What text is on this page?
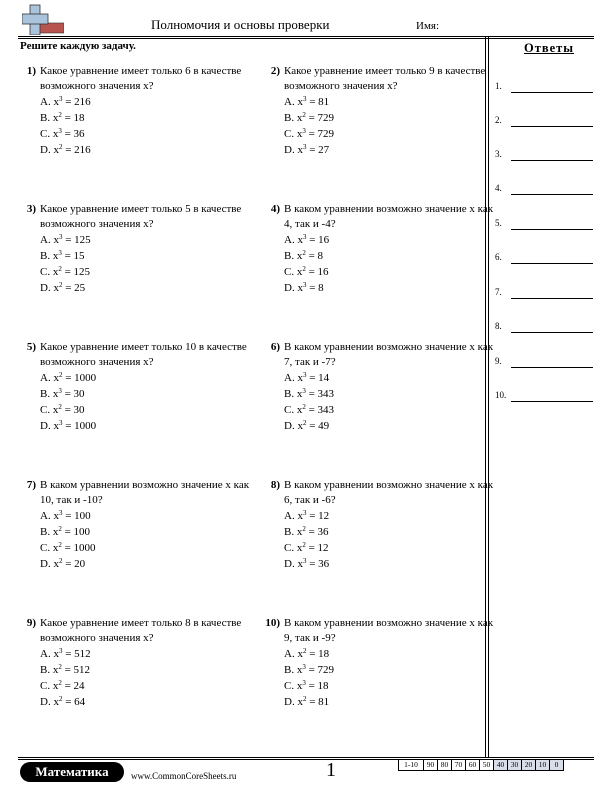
Полномочия и основы проверки	Имя:
Решите каждую задачу.	Ответы
1.
2.
3.
4.
5.
6.
7.
8.
9.
10.
1) Какое уравнение имеет только 6 в качестве возможного значения x?
A. $x^3 = 216$
B. $x^2 = 18$
C. $x^3 = 36$
D. $x^2 = 216$
2) Какое уравнение имеет только 9 в качестве возможного значения x?
A. $x^3 = 81$
B. $x^2 = 729$
C. $x^3 = 729$
D. $x^3 = 27$
3) Какое уравнение имеет только 5 в качестве возможного значения x?
A. $x^3 = 125$
B. $x^3 = 15$
C. $x^2 = 125$
D. $x^2 = 25$
4) В каком уравнении возможно значение x как 4, так и -4?
A. $x^3 = 16$
B. $x^2 = 8$
C. $x^2 = 16$
D. $x^3 = 8$
5) Какое уравнение имеет только 10 в качестве возможного значения x?
A. $x^2 = 1000$
B. $x^3 = 30$
C. $x^2 = 30$
D. $x^3 = 1000$
6) В каком уравнении возможно значение x как 7, так и -7?
A. $x^3 = 14$
B. $x^3 = 343$
C. $x^2 = 343$
D. $x^2 = 49$
7) В каком уравнении возможно значение x как 10, так и -10?
A. $x^3 = 100$
B. $x^2 = 100$
C. $x^2 = 1000$
D. $x^2 = 20$
8) В каком уравнении возможно значение x как 6, так и -6?
A. $x^3 = 12$
B. $x^2 = 36$
C. $x^2 = 12$
D. $x^3 = 36$
9) Какое уравнение имеет только 8 в качестве возможного значения x?
A. $x^3 = 512$
B. $x^2 = 512$
C. $x^2 = 24$
D. $x^2 = 64$
10) В каком уравнении возможно значение x как 9, так и -9?
A. $x^2 = 18$
B. $x^3 = 729$
C. $x^3 = 18$
D. $x^2 = 81$
Математика	www.CommonCoreSheets.ru	1	1-10	90 80 70 60 50 40 30 20 10	0
